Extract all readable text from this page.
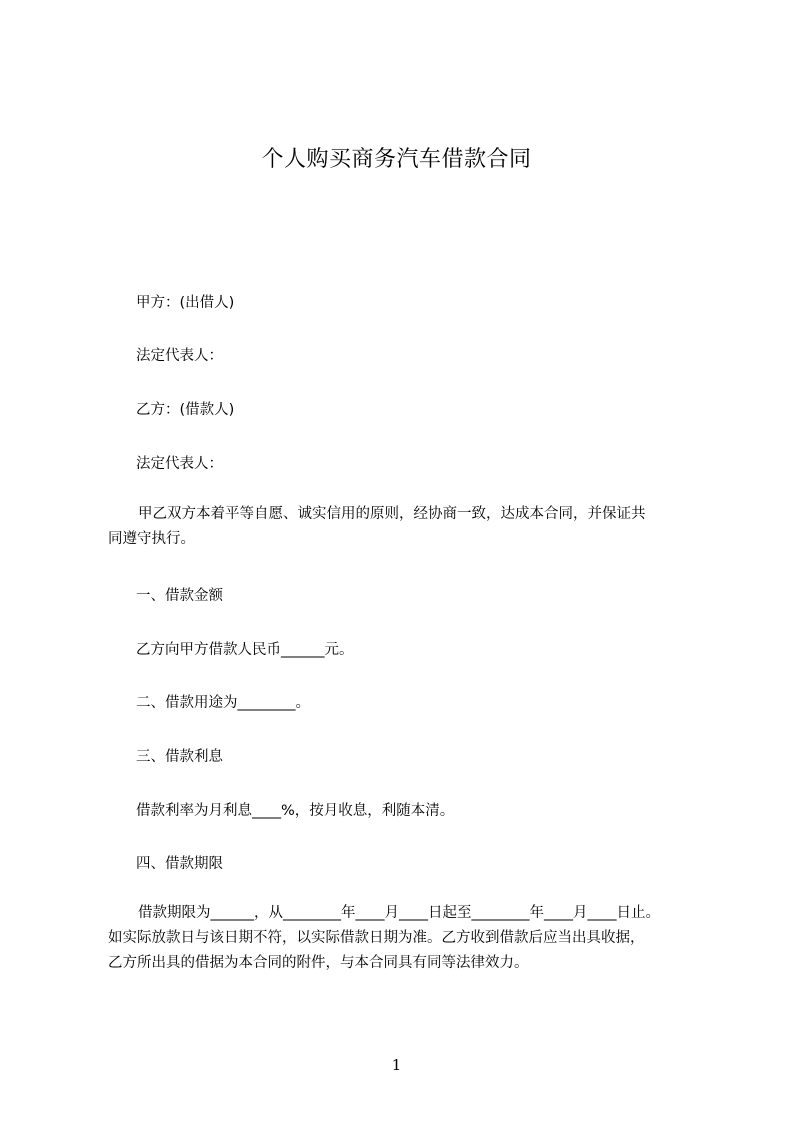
个人购买商务汽车借款合同
甲方：(出借人)
法定代表人：
乙方：(借款人)
法定代表人：
甲乙双方本着平等自愿、诚实信用的原则，经协商一致，达成本合同，并保证共
同遵守执行。
一、借款金额
乙方向甲方借款人民币______元。
二、借款用途为________。
三、借款利息
借款利率为月利息____%，按月收息，利随本清。
四、借款期限
借款期限为______，从________年____月____日起至________年____月____日止。
如实际放款日与该日期不符，以实际借款日期为准。乙方收到借款后应当出具收据，
乙方所出具的借据为本合同的附件，与本合同具有同等法律效力。
1
